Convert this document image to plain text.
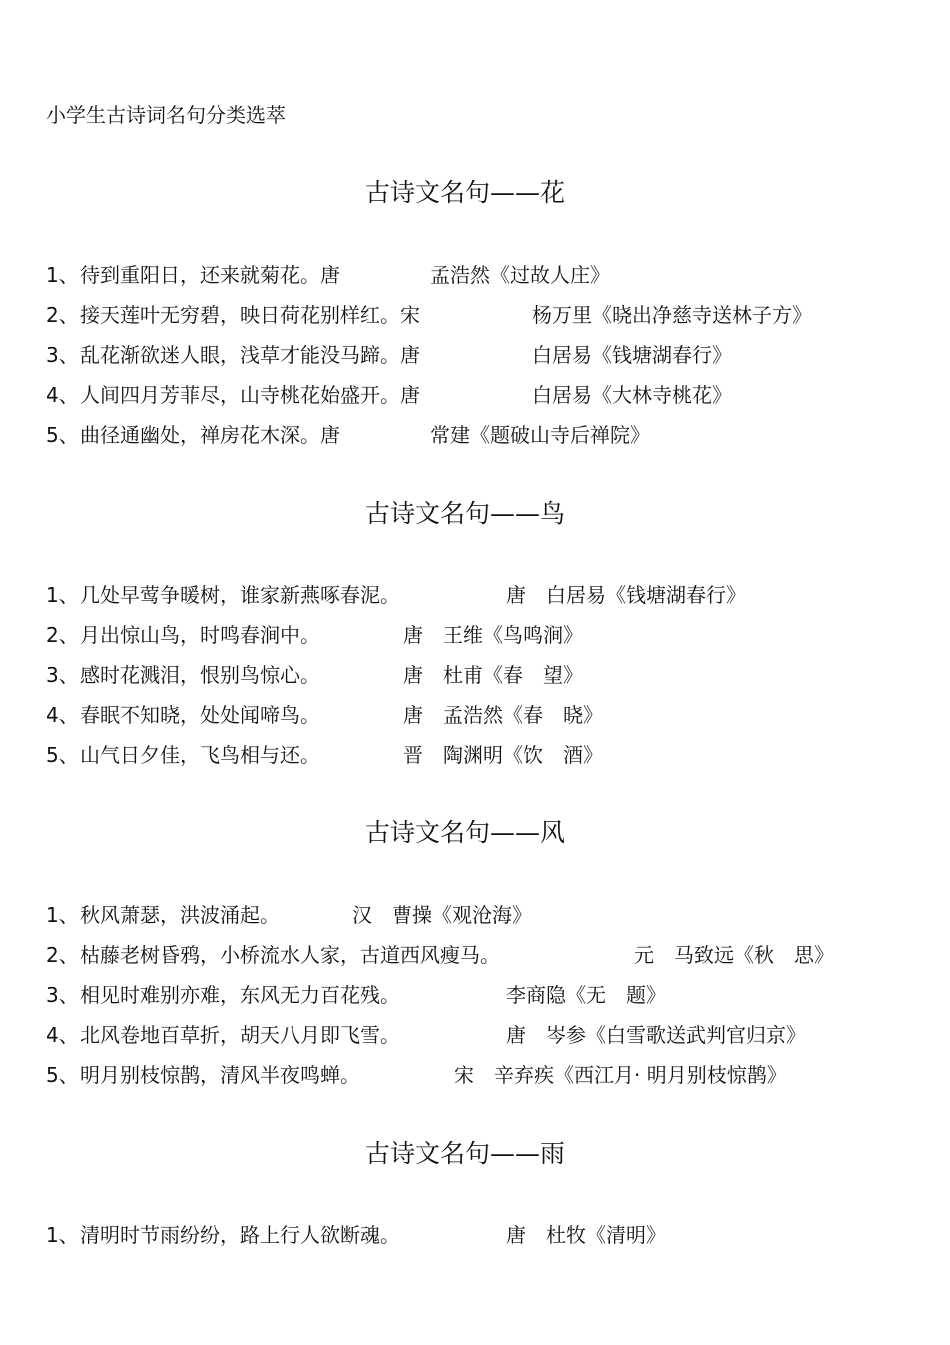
小学生古诗词名句分类选萃
古诗文名句——花
1、待到重阳日，还来就菊花。唐	孟浩然《过故人庄》
2、接天莲叶无穷碧，映日荷花别样红。宋	杨万里《晓出净慈寺送林子方》
3、乱花渐欲迷人眼，浅草才能没马蹄。唐	白居易《钱塘湖春行》
4、人间四月芳菲尽，山寺桃花始盛开。唐	白居易《大林寺桃花》
5、曲径通幽处，禅房花木深。唐	常建《题破山寺后禅院》
古诗文名句——鸟
1、几处早莺争暖树，谁家新燕啄春泥。	唐　白居易《钱塘湖春行》
2、月出惊山鸟，时鸣春涧中。	唐　王维《鸟鸣涧》
3、感时花溅泪，恨别鸟惊心。	唐　杜甫《春　望》
4、春眠不知晓，处处闻啼鸟。	唐　孟浩然《春　晓》
5、山气日夕佳，飞鸟相与还。	晋　陶渊明《饮　酒》
古诗文名句——风
1、秋风萧瑟，洪波涌起。	汉　曹操《观沧海》
2、枯藤老树昏鸦，小桥流水人家，古道西风瘦马。	元　马致远《秋　思》
3、相见时难别亦难，东风无力百花残。	李商隐《无　题》
4、北风卷地百草折，胡天八月即飞雪。	唐　岑参《白雪歌送武判官归京》
5、明月别枝惊鹊，清风半夜鸣蝉。	宋　辛弃疾《西江月· 明月别枝惊鹊》
古诗文名句——雨
1、清明时节雨纷纷，路上行人欲断魂。	唐　杜牧《清明》
